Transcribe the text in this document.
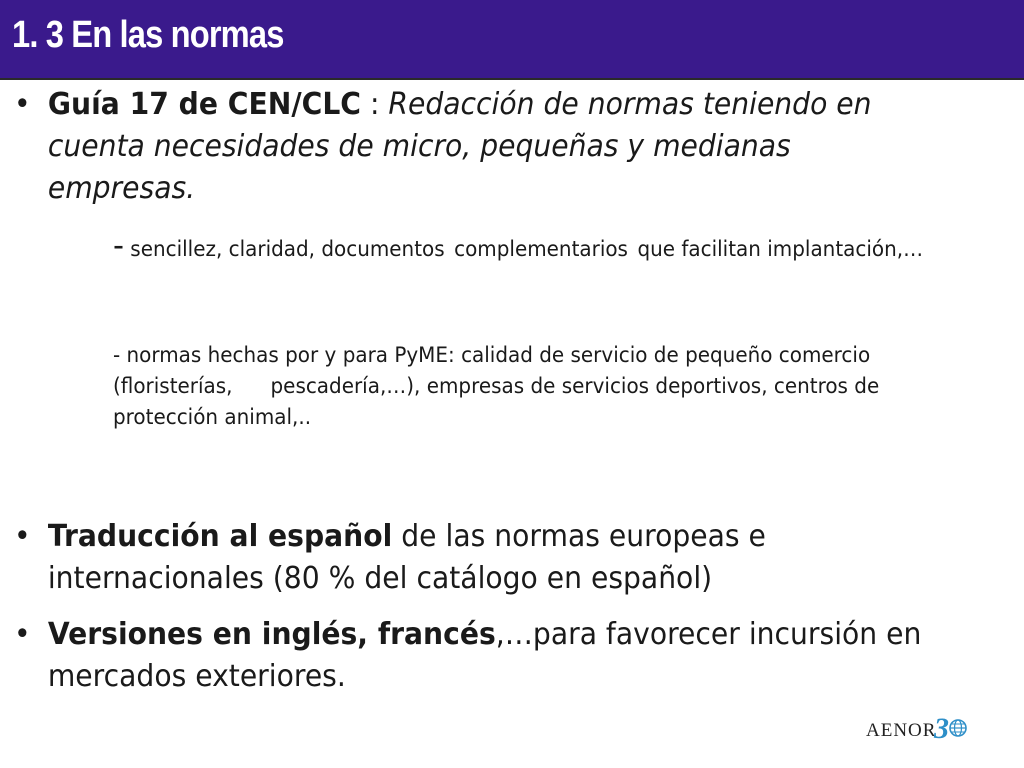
1. 3 En las normas
• Guía 17 de CEN/CLC : Redacción de normas teniendo en cuenta necesidades de micro, pequeñas y medianas empresas.
- sencillez, claridad, documentos complementarios que facilitan implantación,…
- normas hechas por y para PyME: calidad de servicio de pequeño comercio (floristerías, pescadería,…), empresas de servicios deportivos, centros de protección animal,..
• Traducción al español de las normas europeas e internacionales (80 % del catálogo en español)
• Versiones en inglés, francés,…para favorecer incursión en mercados exteriores.
AENOR
3
